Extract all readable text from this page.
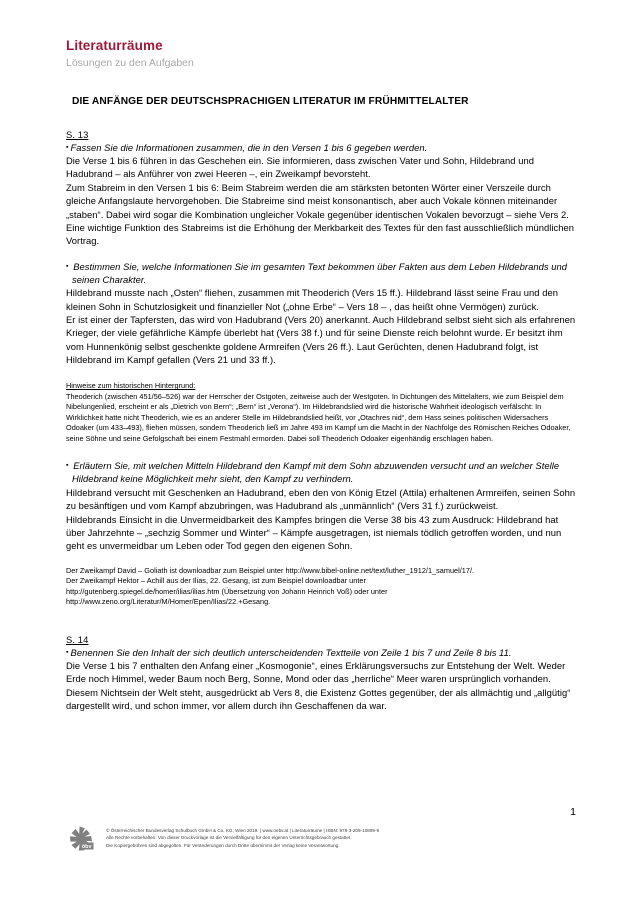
Literaturräume
Lösungen zu den Aufgaben
DIE ANFÄNGE DER DEUTSCHSPRACHIGEN LITERATUR IM FRÜHMITTELALTER
S. 13

▪ Fassen Sie die Informationen zusammen, die in den Versen 1 bis 6 gegeben werden.

Die Verse 1 bis 6 führen in das Geschehen ein. Sie informieren, dass zwischen Vater und Sohn, Hildebrand und Hadubrand – als Anführer von zwei Heeren –, ein Zweikampf bevorsteht.

Zum Stabreim in den Versen 1 bis 6: Beim Stabreim werden die am stärksten betonten Wörter einer Verszeile durch gleiche Anfangslaute hervorgehoben. Die Stabreime sind meist konsonantisch, aber auch Vokale können miteinander „staben“. Dabei wird sogar die Kombination ungleicher Vokale gegenüber identischen Vokalen bevorzugt – siehe Vers 2. Eine wichtige Funktion des Stabreims ist die Erhöhung der Merkbarkeit des Textes für den fast ausschließlich mündlichen Vortrag.

▪ Bestimmen Sie, welche Informationen Sie im gesamten Text bekommen über Fakten aus dem Leben Hildebrands und seinen Charakter.

Hildebrand musste nach „Osten“ fliehen, zusammen mit Theoderich (Vers 15 ff.). Hildebrand lässt seine Frau und den kleinen Sohn in Schutzlosigkeit und finanzieller Not („ohne Erbe“ – Vers 18 – , das heißt ohne Vermögen) zurück.

Er ist einer der Tapfersten, das wird von Hadubrand (Vers 20) anerkannt. Auch Hildebrand selbst sieht sich als erfahrenen Krieger, der viele gefährliche Kämpfe überlebt hat (Vers 38 f.) und für seine Dienste reich belohnt wurde. Er besitzt ihm vom Hunnenkönig selbst geschenkte goldene Armreifen (Vers 26 ff.). Laut Gerüchten, denen Hadubrand folgt, ist Hildebrand im Kampf gefallen (Vers 21 und 33 ff.).

Hinweise zum historischen Hintergrund:

Theoderich (zwischen 451/56–526) war der Herrscher der Ostgoten, zeitweise auch der Westgoten. In Dichtungen des Mittelalters, wie zum Beispiel dem Nibelungenlied, erscheint er als „Dietrich von Bern“; „Bern“ ist „Verona“). Im Hildebrandslied wird die historische Wahrheit ideologisch verfälscht: In Wirklichkeit hatte nicht Theoderich, wie es an anderer Stelle im Hildebrandslied heißt, vor „Otachres nid“, dem Hass seines politischen Widersachers Odoaker (um 433–493), fliehen müssen, sondern Theoderich ließ im Jahre 493 im Kampf um die Macht in der Nachfolge des Römischen Reiches Odoaker, seine Söhne und seine Gefolgschaft bei einem Festmahl ermorden. Dabei soll Theoderich Odoaker eigenhändig erschlagen haben.

▪ Erläutern Sie, mit welchen Mitteln Hildebrand den Kampf mit dem Sohn abzuwenden versucht und an welcher Stelle Hildebrand keine Möglichkeit mehr sieht, den Kampf zu verhindern.

Hildebrand versucht mit Geschenken an Hadubrand, eben den von König Etzel (Attila) erhaltenen Armreifen, seinen Sohn zu besänftigen und vom Kampf abzubringen, was Hadubrand als „unmännlich“ (Vers 31 f.) zurückweist.

Hildebrands Einsicht in die Unvermeidbarkeit des Kampfes bringen die Verse 38 bis 43 zum Ausdruck: Hildebrand hat über Jahrzehnte – „sechzig Sommer und Winter“ – Kämpfe ausgetragen, ist niemals tödlich getroffen worden, und nun geht es unvermeidbar um Leben oder Tod gegen den eigenen Sohn.

Der Zweikampf David – Goliath ist downloadbar zum Beispiel unter http://www.bibel-online.net/text/luther_1912/1_samuel/17/.

Der Zweikampf Hektor – Achill aus der Ilias, 22. Gesang, ist zum Beispiel downloadbar unter

http://gutenberg.spiegel.de/homer/ilias/ilias.htm (Übersetzung von Johann Heinrich Voß) oder unter

http://www.zeno.org/Literatur/M/Homer/Epen/Ilias/22.+Gesang.

S. 14

▪ Benennen Sie den Inhalt der sich deutlich unterscheidenden Textteile von Zeile 1 bis 7 und Zeile 8 bis 11.

Die Verse 1 bis 7 enthalten den Anfang einer „Kosmogonie“, eines Erklärungsversuchs zur Entstehung der Welt. Weder Erde noch Himmel, weder Baum noch Berg, Sonne, Mond oder das „herrliche“ Meer waren ursprünglich vorhanden.

Diesem Nichtsein der Welt steht, ausgedrückt ab Vers 8, die Existenz Gottes gegenüber, der als allmächtig und „allgütig“ dargestellt wird, und schon immer, vor allem durch ihn Geschaffenen da war.

1
öbv

© Österreichischer Bundesverlag Schulbuch GmbH & Co. KG, Wien 2019. | www.oebv.at | Literaturräume | ISBN: 978-3-209-10899-9

Alle Rechte vorbehalten. Von dieser Druckvorlage ist die Vervielfältigung für den eigenen Unterrichtsgebrauch gestattet.

Die Kopiergebühren sind abgegolten. Für Veränderungen durch Dritte übernimmt der Verlag keine Verantwortung.
